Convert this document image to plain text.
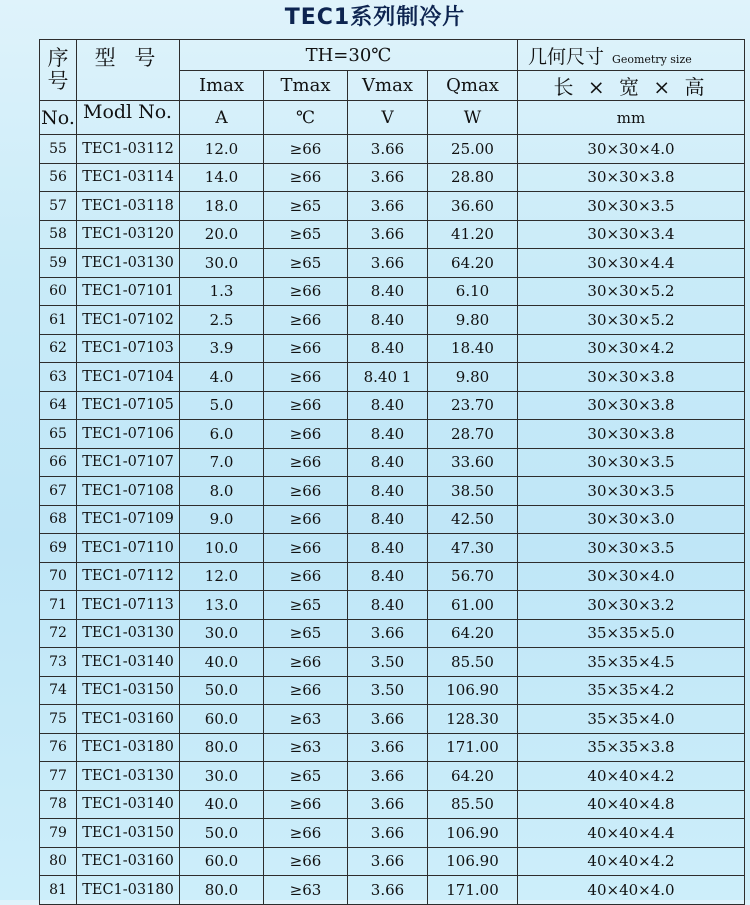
TEC1系列制冷片
序号	型 号	TH=30℃				几何尺寸 Geometry size
		Imax	Tmax	Vmax	Qmax	长 × 宽 × 高
No.	Modl No.	A	℃	V	W	mm
55	TEC1-03112	12.0	≥66	3.66	25.00	30×30×4.0
56	TEC1-03114	14.0	≥66	3.66	28.80	30×30×3.8
57	TEC1-03118	18.0	≥65	3.66	36.60	30×30×3.5
58	TEC1-03120	20.0	≥65	3.66	41.20	30×30×3.4
59	TEC1-03130	30.0	≥65	3.66	64.20	30×30×4.4
60	TEC1-07101	1.3	≥66	8.40	6.10	30×30×5.2
61	TEC1-07102	2.5	≥66	8.40	9.80	30×30×5.2
62	TEC1-07103	3.9	≥66	8.40	18.40	30×30×4.2
63	TEC1-07104	4.0	≥66	8.40 1	9.80	30×30×3.8
64	TEC1-07105	5.0	≥66	8.40	23.70	30×30×3.8
65	TEC1-07106	6.0	≥66	8.40	28.70	30×30×3.8
66	TEC1-07107	7.0	≥66	8.40	33.60	30×30×3.5
67	TEC1-07108	8.0	≥66	8.40	38.50	30×30×3.5
68	TEC1-07109	9.0	≥66	8.40	42.50	30×30×3.0
69	TEC1-07110	10.0	≥66	8.40	47.30	30×30×3.5
70	TEC1-07112	12.0	≥66	8.40	56.70	30×30×4.0
71	TEC1-07113	13.0	≥65	8.40	61.00	30×30×3.2
72	TEC1-03130	30.0	≥65	3.66	64.20	35×35×5.0
73	TEC1-03140	40.0	≥66	3.50	85.50	35×35×4.5
74	TEC1-03150	50.0	≥66	3.50	106.90	35×35×4.2
75	TEC1-03160	60.0	≥63	3.66	128.30	35×35×4.0
76	TEC1-03180	80.0	≥63	3.66	171.00	35×35×3.8
77	TEC1-03130	30.0	≥65	3.66	64.20	40×40×4.2
78	TEC1-03140	40.0	≥66	3.66	85.50	40×40×4.8
79	TEC1-03150	50.0	≥66	3.66	106.90	40×40×4.4
80	TEC1-03160	60.0	≥66	3.66	106.90	40×40×4.2
81	TEC1-03180	80.0	≥63	3.66	171.00	40×40×4.0
